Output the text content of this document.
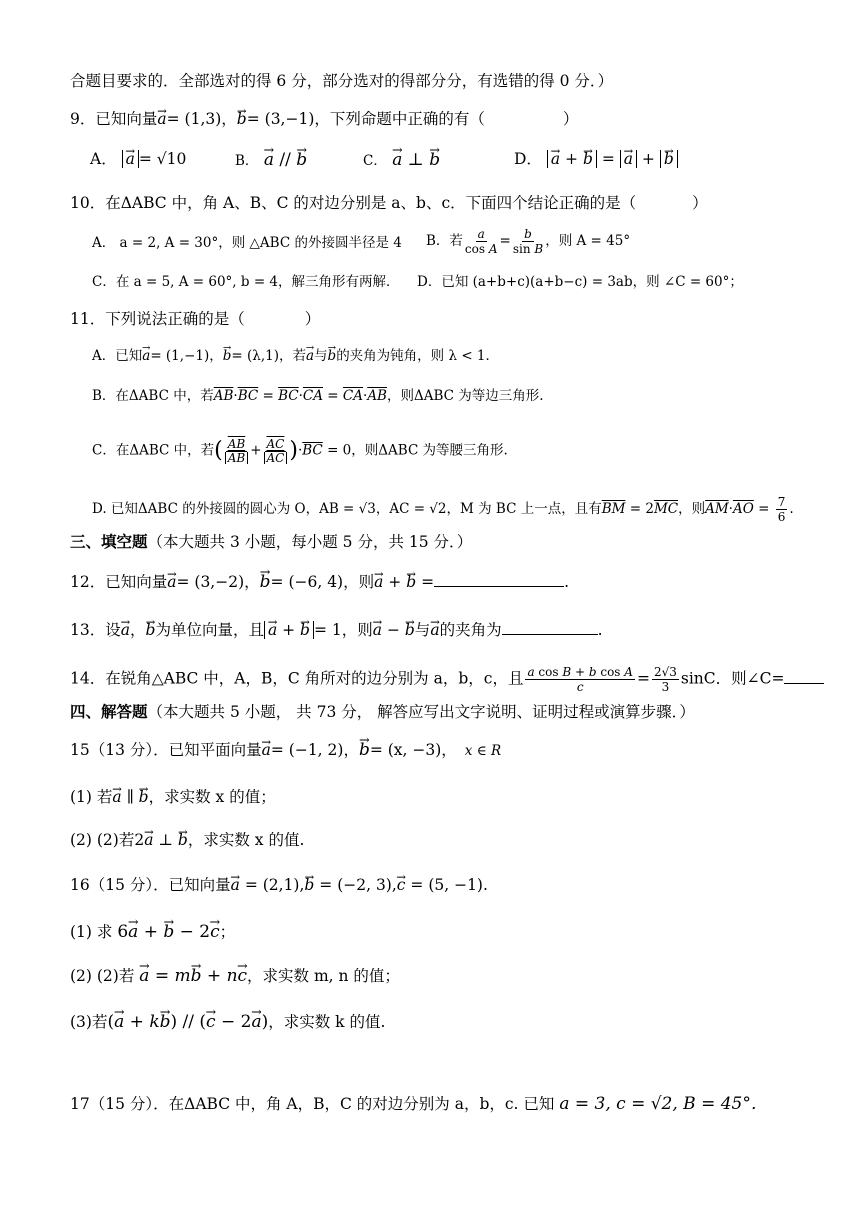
合题目要求的．全部选对的得 6 分，部分选对的得部分分，有选错的得 0 分．）
9．已知向量→ a= (1,3)，→ b= (3,−1)，下列命题中正确的有（	）
A． → a = √10	B． → a // → b	C． → a ⊥ → b	D． → a + → b = → a + → b
10．在ΔABC 中，角 A、B、C 的对边分别是 a、b、c．下面四个结论正确的是（	）
A． a = 2, A = 30°，则 △ABC 的外接圆半径是 4 B．若 $\frac{a}{\text{cos A}} = \frac{b}{\text{sin B}}$ ，则 A = 45°
C．在 a = 5, A = 60°, b = 4，解三角形有两解． D．已知 (a+b+c)(a+b−c) = 3ab，则 ∠C = 60°；
11．下列说法正确的是（	）
A．已知→ a= (1,−1)，→ b= (λ,1)，若→ a与→ b的夹角为钝角，则 λ < 1．
B．在ΔABC 中，若$\overline{AB}\cdot\overline{BC} = \overline{BC}\cdot\overline{CA} = \overline{CA}\cdot\overline{AB}$，则ΔABC 为等边三角形.
C．在ΔABC 中，若( $\frac{\overline{AB}}{AB} + \frac{\overline{AC}}{AC} )\cdot\overline{BC} = 0$，则ΔABC 为等腰三角形.
D. 已知ΔABC 的外接圆的圆心为 O，AB = √3，AC = √2，M 为 BC 上一点，且有$\overline{BM} = 2\overline{MC}$，则$\overline{AM}\cdot\overline{AO} = \frac{7}{6}$ .
三、填空题（本大题共 3 小题，每小题 5 分，共 15 分．）
12．已知向量→ a= (3,−2)，→ b= (−6, 4)，则→ a + → b =	.
13．设→ a，→ b为单位向量，且 → a + → b = 1，则→ a − → b与→ a的夹角为	.
14．在锐角△ABC 中，A，B，C 角所对的边分别为 a，b，c，且 $\frac{\text{a cos B + b cos A}}{c} = \frac{2√3}{3}$ sinC．则∠C=
四、解答题（本大题共 5 小题， 共 73 分， 解答应写出文字说明、证明过程或演算步骤．）
15（13 分）．已知平面向量→ a= (−1, 2)，→ b= (x, −3)， x ∈ R
(1) 若→ a ∥ → b，求实数 x 的值；
(2) (2)若2→ a ⊥ → b，求实数 x 的值.
16（15 分）．已知向量→ a = (2,1),→ b = (−2, 3),→ c = (5, −1).
(1) 求 6→ a + → b − 2→ c；
(2) (2)若 → a = m→ b + n→ c，求实数 m, n 的值；
(3)若(→ a + k→ b) // (→ c − 2→ a)，求实数 k 的值.
17（15 分）．在ΔABC 中，角 A，B，C 的对边分别为 a，b，c. 已知 a = 3, c = √2, B = 45°．
